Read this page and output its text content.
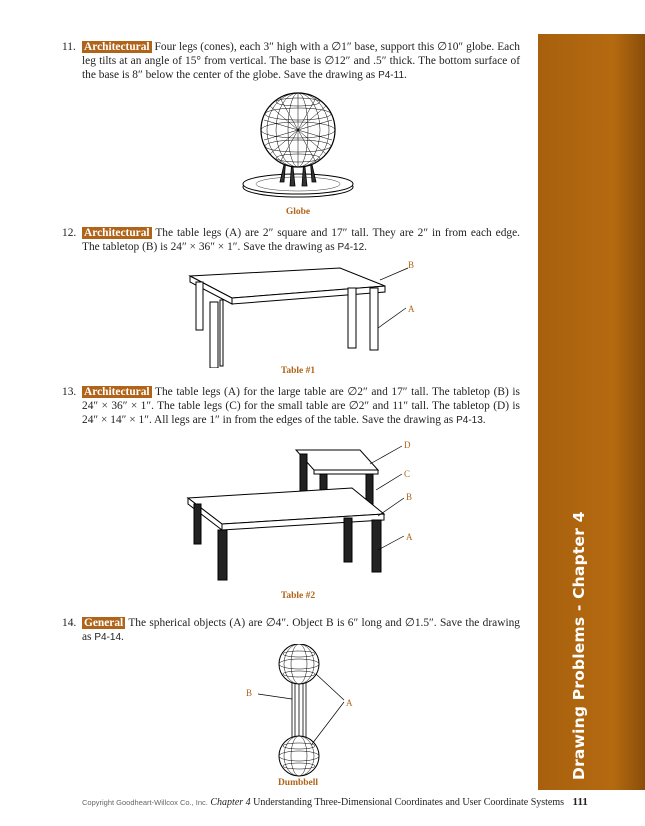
Drawing Problems - Chapter 4
11. Architectural Four legs (cones), each 3″ high with a ∅1″ base, support this ∅10″ globe. Each leg tilts at an angle of 15° from vertical. The base is ∅12″ and .5″ thick. The bottom surface of the base is 8″ below the center of the globe. Save the drawing as P4-11.
Globe
12. Architectural The table legs (A) are 2″ square and 17″ tall. They are 2″ in from each edge. The tabletop (B) is 24″ × 36″ × 1″. Save the drawing as P4-12.
B
A
Table #1
13. Architectural The table legs (A) for the large table are ∅2″ and 17″ tall. The tabletop (B) is 24″ × 36″ × 1″. The table legs (C) for the small table are ∅2″ and 11″ tall. The tabletop (D) is 24″ × 14″ × 1″. All legs are 1″ in from the edges of the table. Save the drawing as P4-13.
D
C
B
A
Table #2
14. General The spherical objects (A) are ∅4″. Object B is 6″ long and ∅1.5″. Save the drawing as P4-14.
B
A
Dumbbell
Copyright Goodheart-Willcox Co., Inc. Chapter 4 Understanding Three-Dimensional Coordinates and User Coordinate Systems 111
